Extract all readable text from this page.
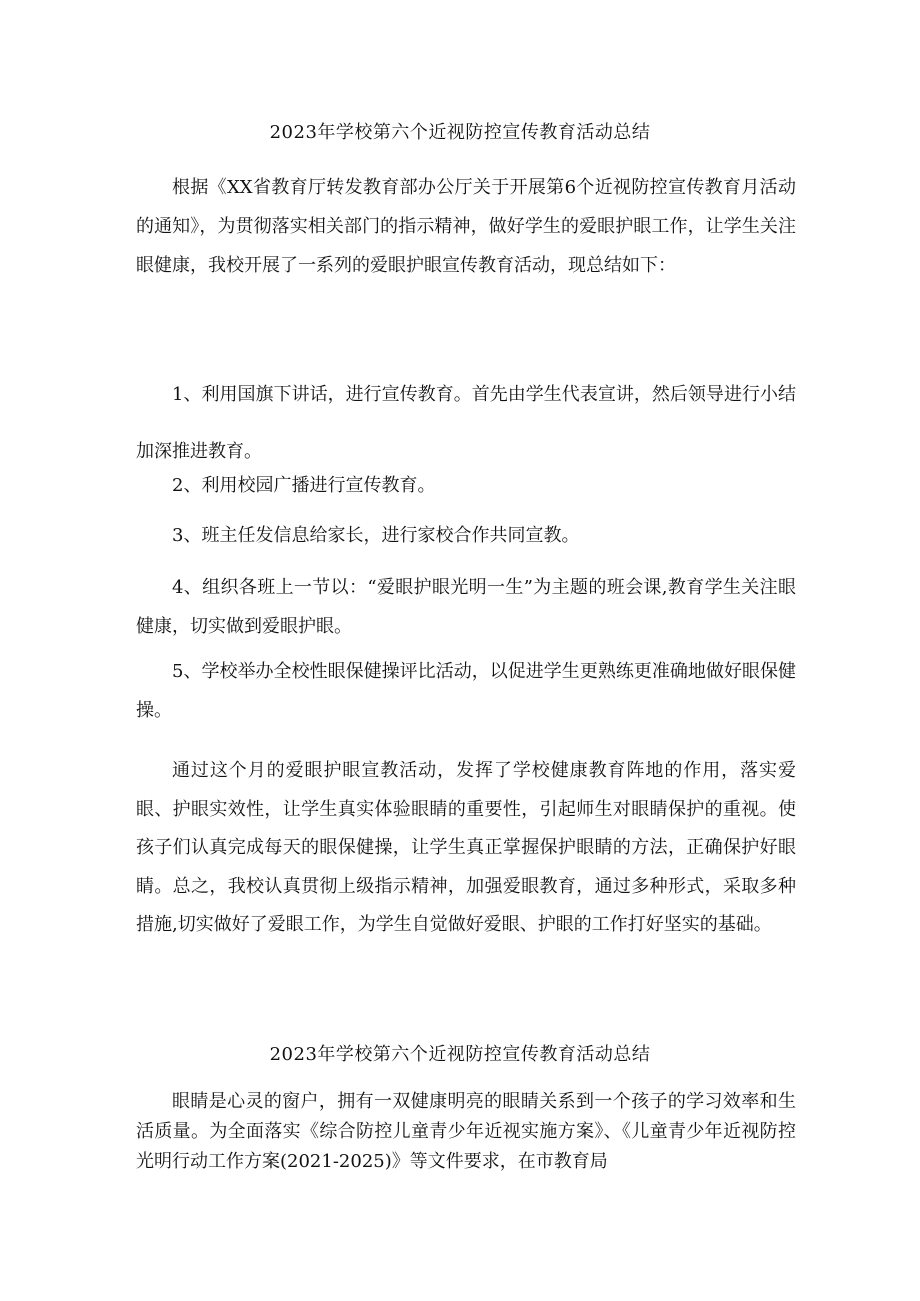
2023年学校第六个近视防控宣传教育活动总结

根据《XX省教育厅转发教育部办公厅关于开展第6个近视防控宣传教育月活动的通知》，为贯彻落实相关部门的指示精神，做好学生的爱眼护眼工作，让学生关注眼健康，我校开展了一系列的爱眼护眼宣传教育活动，现总结如下：

1、利用国旗下讲话，进行宣传教育。首先由学生代表宣讲，然后领导进行小结加深推进教育。

2、利用校园广播进行宣传教育。

3、班主任发信息给家长，进行家校合作共同宣教。

4、组织各班上一节以：“爱眼护眼光明一生”为主题的班会课,教育学生关注眼健康，切实做到爱眼护眼。

5、学校举办全校性眼保健操评比活动，以促进学生更熟练更准确地做好眼保健操。

通过这个月的爱眼护眼宣教活动，发挥了学校健康教育阵地的作用，落实爱眼、护眼实效性，让学生真实体验眼睛的重要性，引起师生对眼睛保护的重视。使孩子们认真完成每天的眼保健操，让学生真正掌握保护眼睛的方法，正确保护好眼睛。总之，我校认真贯彻上级指示精神，加强爱眼教育，通过多种形式，采取多种措施,切实做好了爱眼工作，为学生自觉做好爱眼、护眼的工作打好坚实的基础。

2023年学校第六个近视防控宣传教育活动总结

眼睛是心灵的窗户，拥有一双健康明亮的眼睛关系到一个孩子的学习效率和生活质量。为全面落实《综合防控儿童青少年近视实施方案》、《儿童青少年近视防控光明行动工作方案(2021-2025)》等文件要求，在市教育局
